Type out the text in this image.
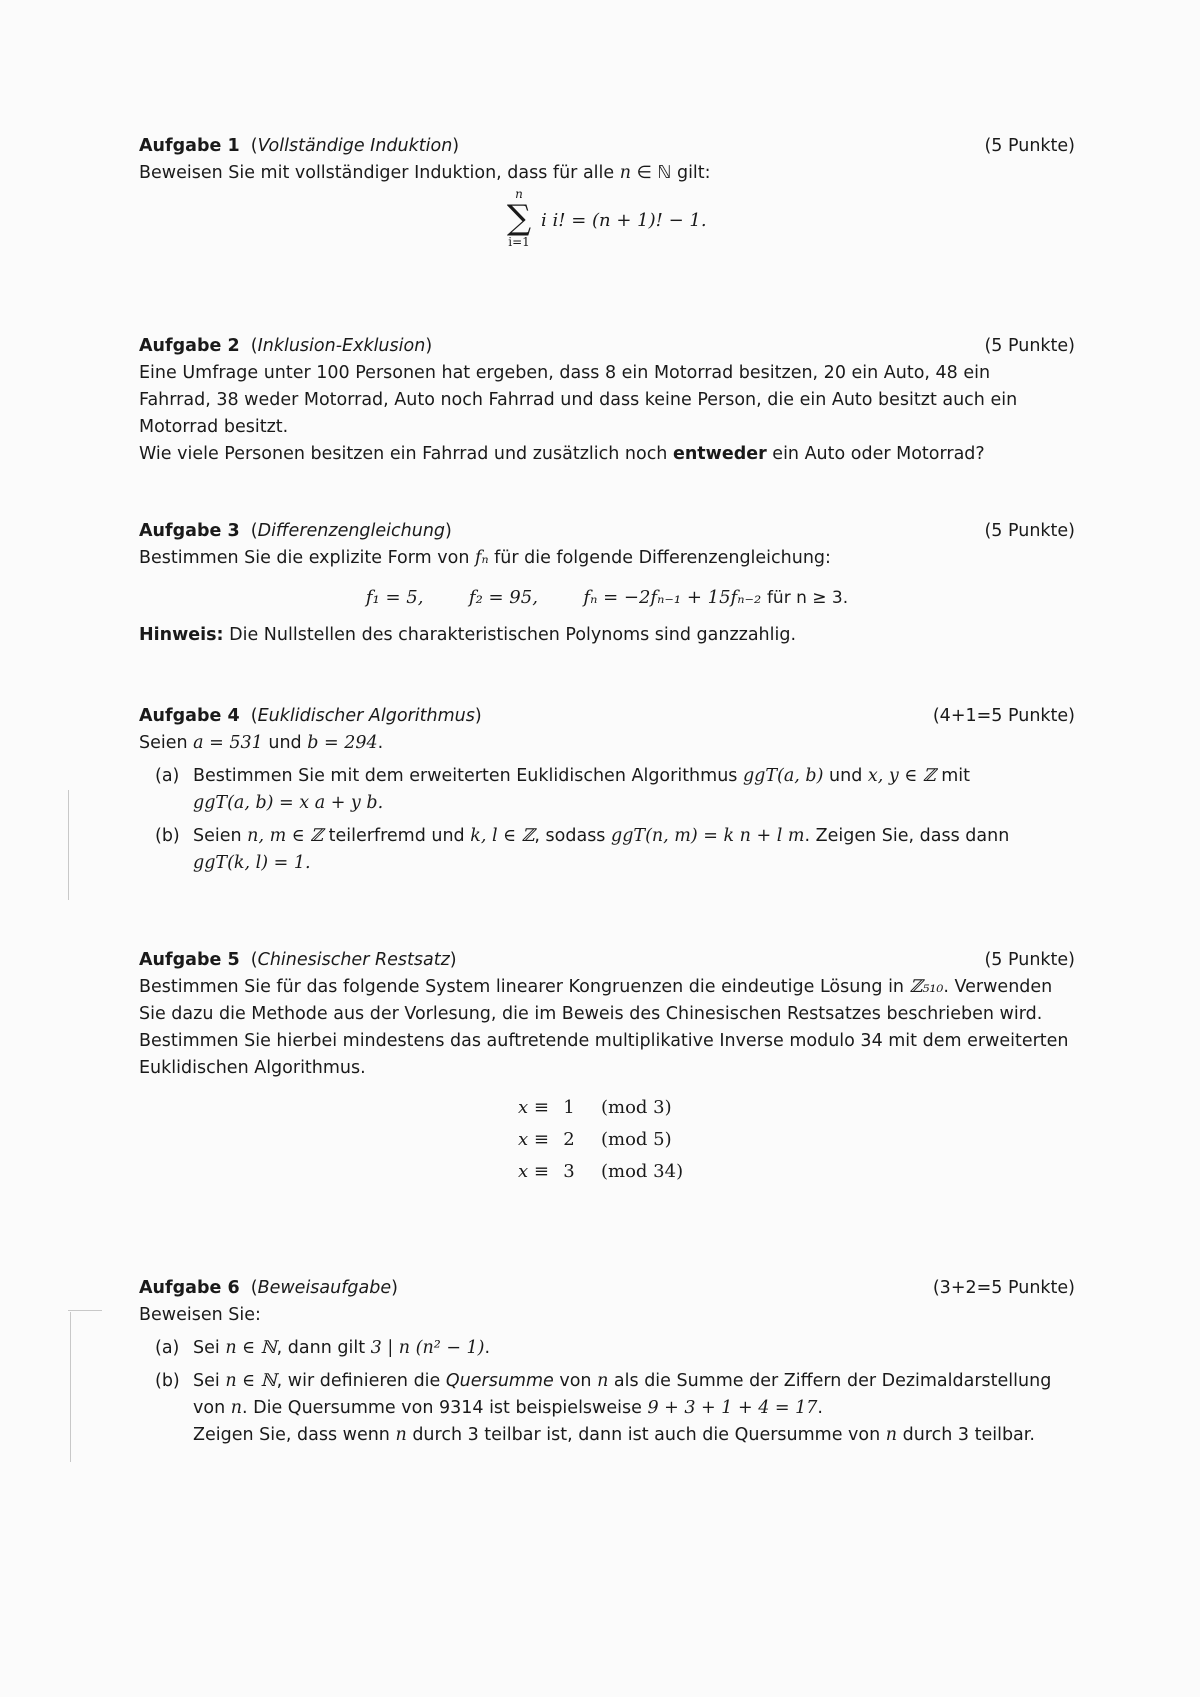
Aufgabe 1  (Vollständige Induktion)	(5 Punkte)
Beweisen Sie mit vollständiger Induktion, dass für alle n ∈ ℕ gilt:
n
∑
i=1
i i! = (n + 1)! − 1.
Aufgabe 2  (Inklusion-Exklusion)	(5 Punkte)
Eine Umfrage unter 100 Personen hat ergeben, dass 8 ein Motorrad besitzen, 20 ein Auto, 48 ein
Fahrrad, 38 weder Motorrad, Auto noch Fahrrad und dass keine Person, die ein Auto besitzt auch ein
Motorrad besitzt.
Wie viele Personen besitzen ein Fahrrad und zusätzlich noch entweder ein Auto oder Motorrad?
Aufgabe 3  (Differenzengleichung)	(5 Punkte)
Bestimmen Sie die explizite Form von fₙ für die folgende Differenzengleichung:
f₁ = 5,	f₂ = 95,	fₙ = −2fₙ₋₁ + 15fₙ₋₂ für n ≥ 3.
Hinweis: Die Nullstellen des charakteristischen Polynoms sind ganzzahlig.
Aufgabe 4  (Euklidischer Algorithmus)	(4+1=5 Punkte)
Seien a = 531 und b = 294.
(a) Bestimmen Sie mit dem erweiterten Euklidischen Algorithmus ggT(a, b) und x, y ∈ ℤ mit
ggT(a, b) = x a + y b.
(b) Seien n, m ∈ ℤ teilerfremd und k, l ∈ ℤ, sodass ggT(n, m) = k n + l m. Zeigen Sie, dass dann
ggT(k, l) = 1.
Aufgabe 5  (Chinesischer Restsatz)	(5 Punkte)
Bestimmen Sie für das folgende System linearer Kongruenzen die eindeutige Lösung in ℤ₅₁₀. Verwenden
Sie dazu die Methode aus der Vorlesung, die im Beweis des Chinesischen Restsatzes beschrieben wird.
Bestimmen Sie hierbei mindestens das auftretende multiplikative Inverse modulo 34 mit dem erweiterten
Euklidischen Algorithmus.
x ≡ 1	(mod 3)
x ≡ 2	(mod 5)
x ≡ 3	(mod 34)
Aufgabe 6  (Beweisaufgabe)	(3+2=5 Punkte)
Beweisen Sie:
(a) Sei n ∈ ℕ, dann gilt 3 | n (n² − 1).
(b) Sei n ∈ ℕ, wir definieren die Quersumme von n als die Summe der Ziffern der Dezimaldarstellung
von n. Die Quersumme von 9314 ist beispielsweise 9 + 3 + 1 + 4 = 17.
Zeigen Sie, dass wenn n durch 3 teilbar ist, dann ist auch die Quersumme von n durch 3 teilbar.
